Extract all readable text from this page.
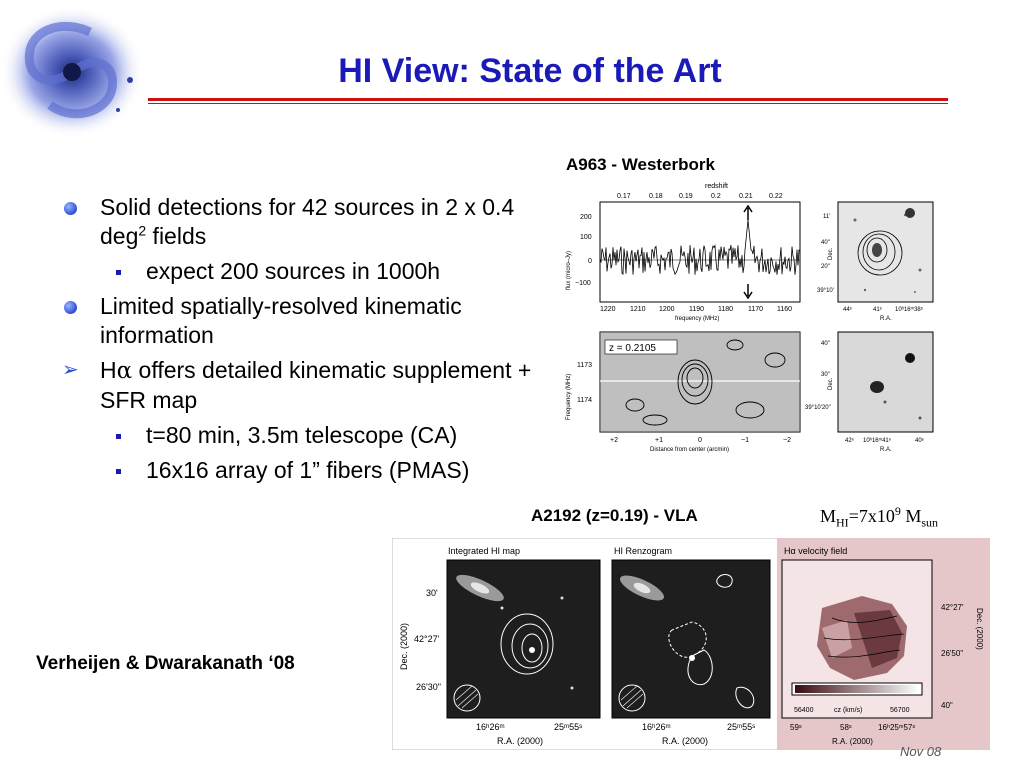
HI View: State of the Art
Solid detections for 42 sources in 2 x 0.4 deg$^2$ fields
expect 200 sources in 1000h
Limited spatially-resolved kinematic information
➢ Hα offers detailed kinematic supplement + SFR map
t=80 min, 3.5m telescope (CA)
16x16 array of 1” fibers (PMAS)
Verheijen & Dwarakanath ‘08
A963 - Westerbork
redshift
0.17	0.18 0.19	0.2	0.21 0.22
200
100
0
−100
flux (micro–Jy)
1220 1210 1200 1190 1180 1170 1160
frequency (MHz)
11'
40"
20"
39°10'
Dec.
44ˢ	41ˢ 10ʰ16ᵐ38ˢ
R.A.
z = 0.2105
1173
1174
Frequency (MHz)
+2	+1	0	−1	−2
Distance from center (arcmin)
40"
30"
39°10'20"
Dec.
42ˢ 10ʰ16ᵐ41ˢ	40ˢ
R.A.
A2192 (z=0.19) - VLA	$M_{HI}=7x10^9$ $M_{sun}$
Integrated HI map
30'
42°27'
26'30"
Dec. (2000)
16ʰ26ᵐ	25ᵐ55ˢ
R.A. (2000)
HI Renzogram
16ʰ26ᵐ	25ᵐ55ˢ
R.A. (2000)
Hα velocity field
56400	cz (km/s)	56700
42°27'
26'50"
40"
Dec. (2000)
59ˢ	58ˢ	16ʰ25ᵐ57ˢ
R.A. (2000)
Nov 08
